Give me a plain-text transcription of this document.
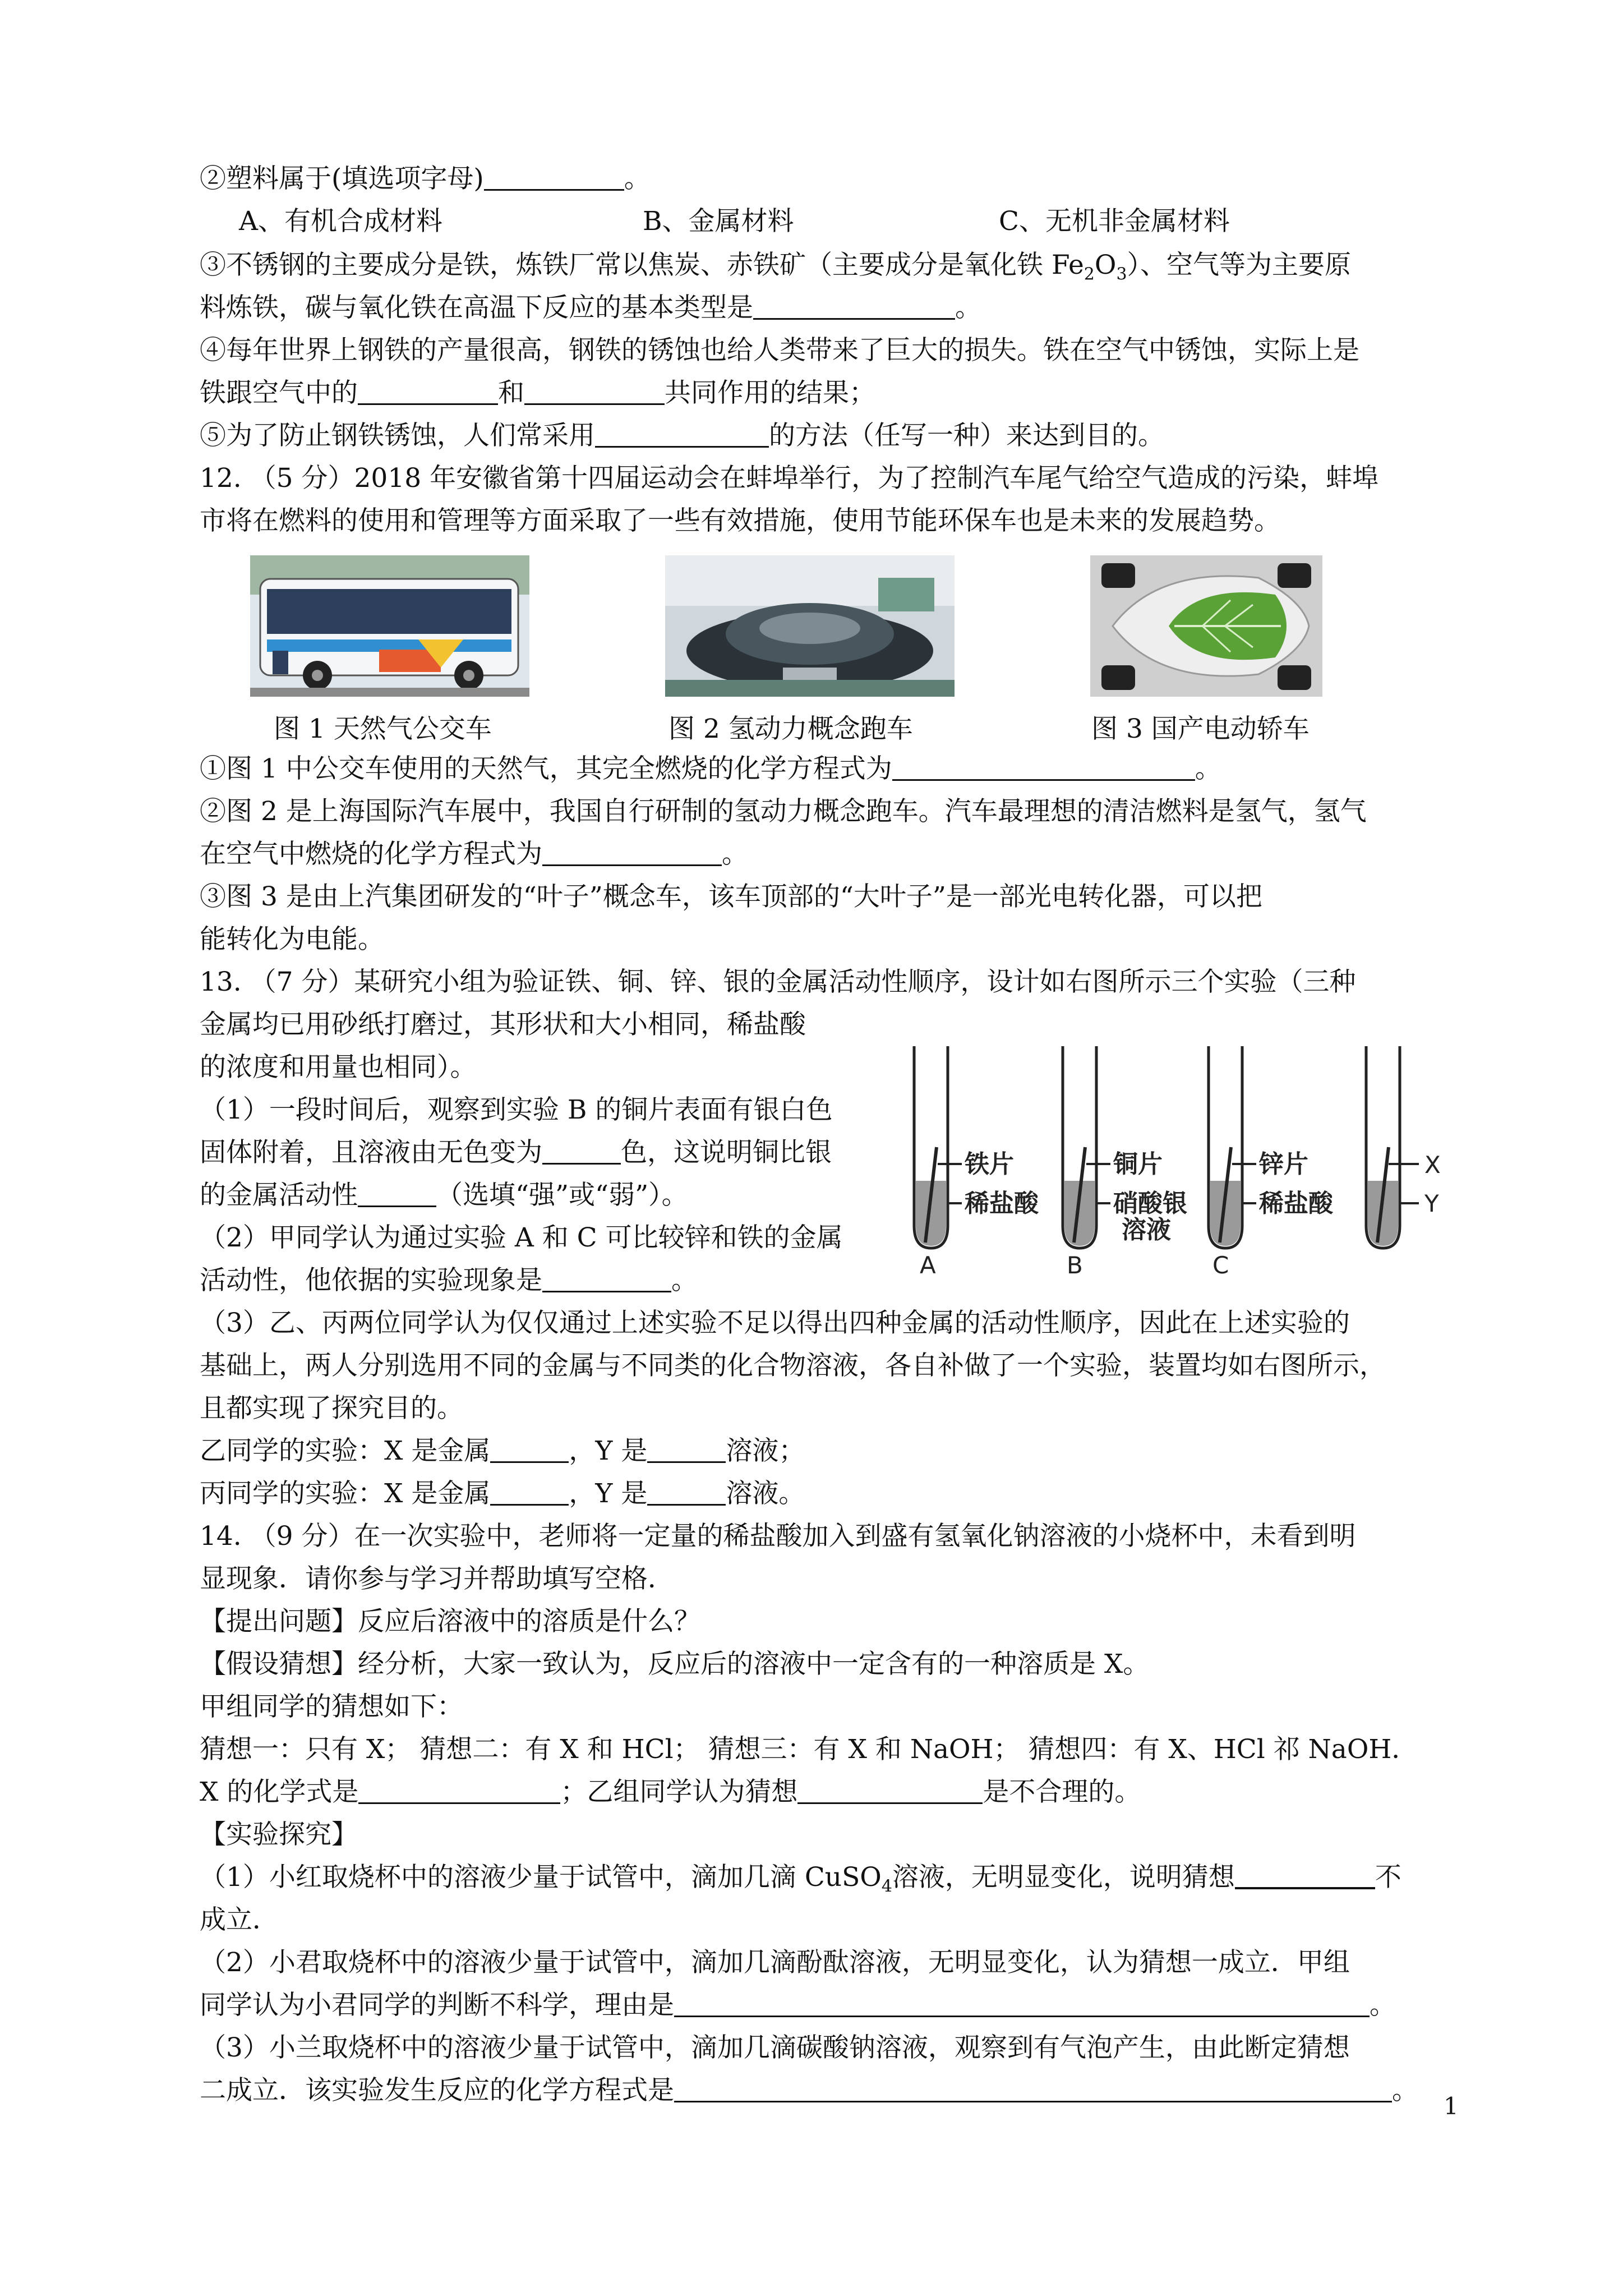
②塑料属于(填选项字母)	。
A、有机合成材料	B、金属材料	C、无机非金属材料
③不锈钢的主要成分是铁，炼铁厂常以焦炭、赤铁矿（主要成分是氧化铁 $Fe_2O_3$）、空气等为主要原
料炼铁，碳与氧化铁在高温下反应的基本类型是	。
④每年世界上钢铁的产量很高，钢铁的锈蚀也给人类带来了巨大的损失。铁在空气中锈蚀，实际上是
铁跟空气中的	和	共同作用的结果；
⑤为了防止钢铁锈蚀，人们常采用	的方法（任写一种）来达到目的。
12. （5 分）2018 年安徽省第十四届运动会在蚌埠举行，为了控制汽车尾气给空气造成的污染，蚌埠
市将在燃料的使用和管理等方面采取了一些有效措施，使用节能环保车也是未来的发展趋势。
图 1 天然气公交车	图 2 氢动力概念跑车	图 3 国产电动轿车
①图 1 中公交车使用的天然气，其完全燃烧的化学方程式为	。
②图 2 是上海国际汽车展中，我国自行研制的氢动力概念跑车。汽车最理想的清洁燃料是氢气，氢气
在空气中燃烧的化学方程式为	。
③图 3 是由上汽集团研发的“叶子”概念车，该车顶部的“大叶子”是一部光电转化器，可以把
能转化为电能。
13. （7 分）某研究小组为验证铁、铜、锌、银的金属活动性顺序，设计如右图所示三个实验（三种
金属均已用砂纸打磨过，其形状和大小相同，稀盐酸
的浓度和用量也相同）。
（1）一段时间后，观察到实验 B 的铜片表面有银白色
固体附着，且溶液由无色变为	色，这说明铜比银
的金属活动性	（选填“强”或“弱”）。
（2）甲同学认为通过实验 A 和 C 可比较锌和铁的金属
活动性，他依据的实验现象是	。
铁片
稀盐酸
铜片
硝酸银
溶液
锌片
稀盐酸
X
Y
A	B	C
（3）乙、丙两位同学认为仅仅通过上述实验不足以得出四种金属的活动性顺序，因此在上述实验的
基础上，两人分别选用不同的金属与不同类的化合物溶液，各自补做了一个实验，装置均如右图所示，
且都实现了探究目的。
乙同学的实验：X 是金属	，Y 是	溶液；
丙同学的实验：X 是金属	，Y 是	溶液。
14. （9 分）在一次实验中，老师将一定量的稀盐酸加入到盛有氢氧化钠溶液的小烧杯中，未看到明
显现象．请你参与学习并帮助填写空格．
【提出问题】反应后溶液中的溶质是什么？
【假设猜想】经分析，大家一致认为，反应后的溶液中一定含有的一种溶质是 X。
甲组同学的猜想如下：
猜想一：只有 X； 猜想二：有 X 和 HCl； 猜想三：有 X 和 NaOH； 猜想四：有 X、HCl 祁 NaOH．
X 的化学式是	；乙组同学认为猜想	是不合理的。
【实验探究】
（1）小红取烧杯中的溶液少量于试管中，滴加几滴 CuSO$_4$溶液，无明显变化，说明猜想	不
成立．
（2）小君取烧杯中的溶液少量于试管中，滴加几滴酚酞溶液，无明显变化，认为猜想一成立．甲组
同学认为小君同学的判断不科学，理由是	。
（3）小兰取烧杯中的溶液少量于试管中，滴加几滴碳酸钠溶液，观察到有气泡产生，由此断定猜想
二成立．该实验发生反应的化学方程式是	。
1
